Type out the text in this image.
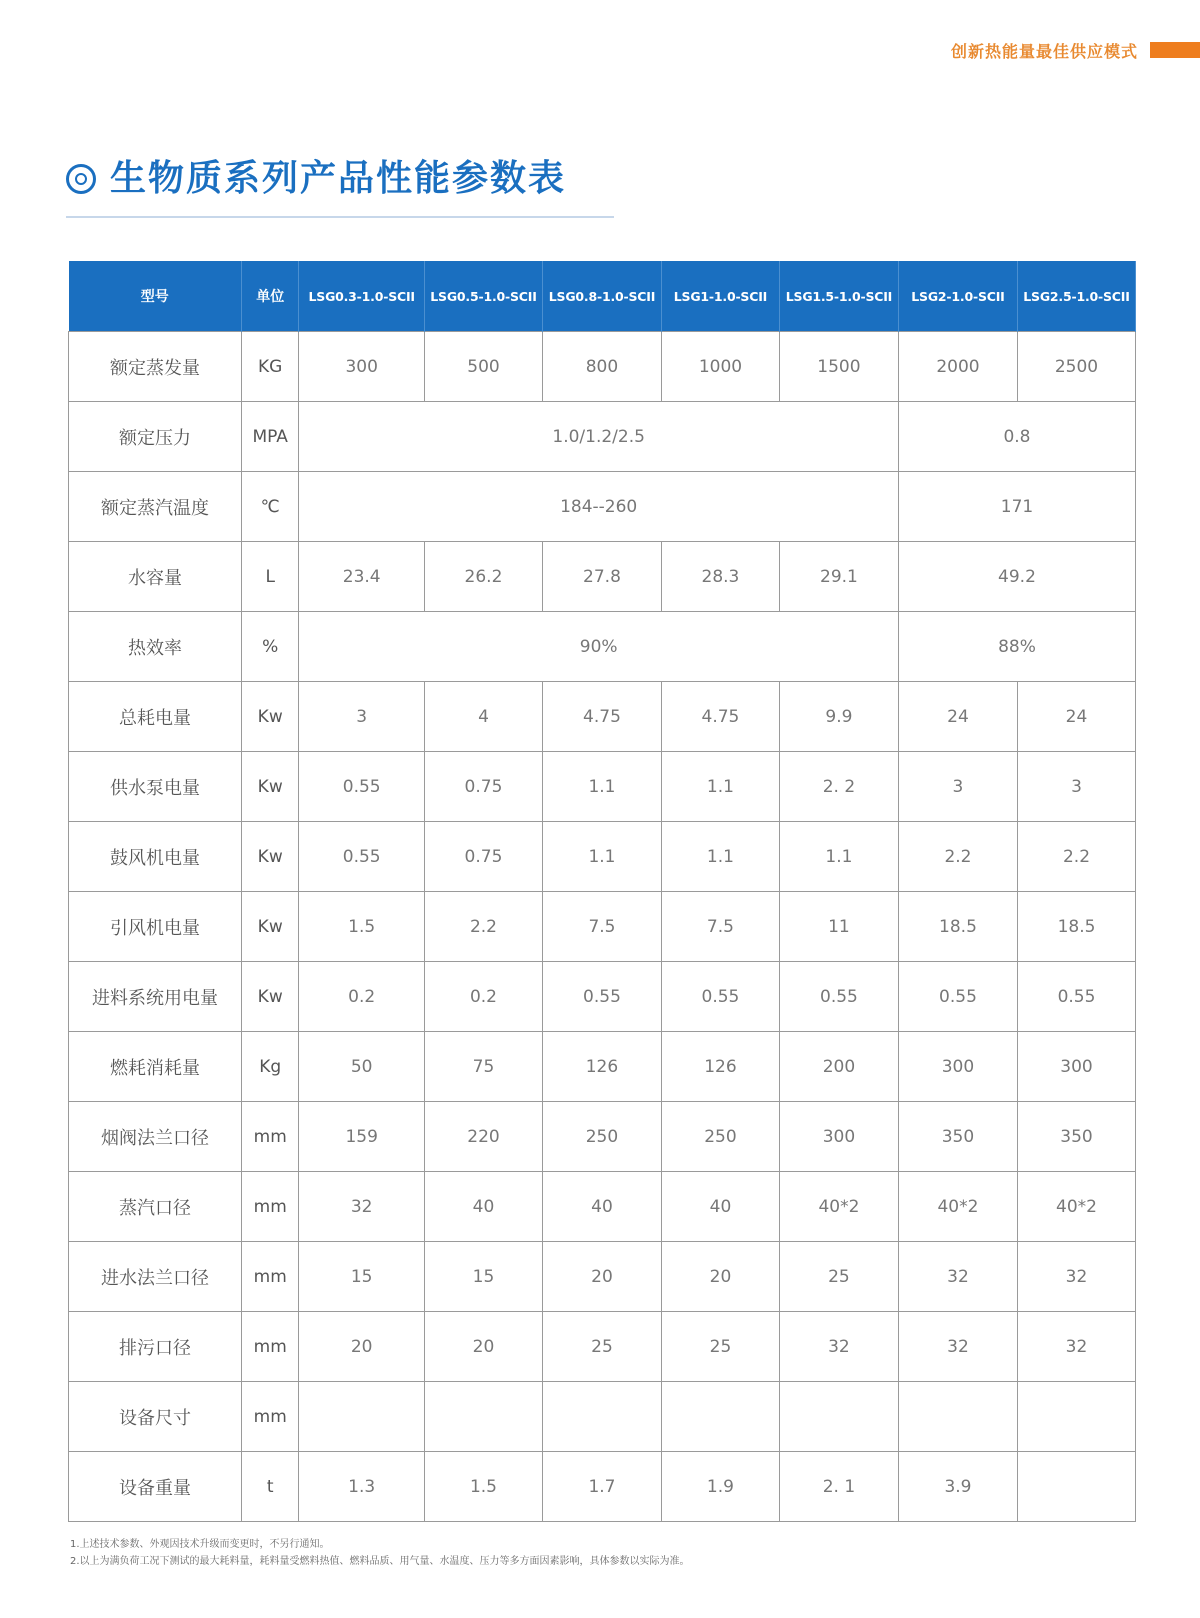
创新热能量最佳供应模式
生物质系列产品性能参数表
型号	单位	LSG0.3-1.0-SCII	LSG0.5-1.0-SCII	LSG0.8-1.0-SCII	LSG1-1.0-SCII	LSG1.5-1.0-SCII	LSG2-1.0-SCII	LSG2.5-1.0-SCII
额定蒸发量	KG	300	500	800	1000	1500	2000	2500
额定压力	MPA	1.0/1.2/2.5					0.8	
额定蒸汽温度	℃	184--260					171	
水容量	L	23.4	26.2	27.8	28.3	29.1	49.2	
热效率	%	90%					88%	
总耗电量	Kw	3	4	4.75	4.75	9.9	24	24
供水泵电量	Kw	0.55	0.75	1.1	1.1	2. 2	3	3
鼓风机电量	Kw	0.55	0.75	1.1	1.1	1.1	2.2	2.2
引风机电量	Kw	1.5	2.2	7.5	7.5	11	18.5	18.5
进料系统用电量	Kw	0.2	0.2	0.55	0.55	0.55	0.55	0.55
燃耗消耗量	Kg	50	75	126	126	200	300	300
烟阀法兰口径	mm	159	220	250	250	300	350	350
蒸汽口径	mm	32	40	40	40	40*2	40*2	40*2
进水法兰口径	mm	15	15	20	20	25	32	32
排污口径	mm	20	20	25	25	32	32	32
设备尺寸	mm							
设备重量	t	1.3	1.5	1.7	1.9	2. 1	3.9	
1.上述技术参数、外观因技术升级而变更时，不另行通知。
2.以上为满负荷工况下测试的最大耗料量，耗料量受燃料热值、燃料品质、用气量、水温度、压力等多方面因素影响，具体参数以实际为准。
